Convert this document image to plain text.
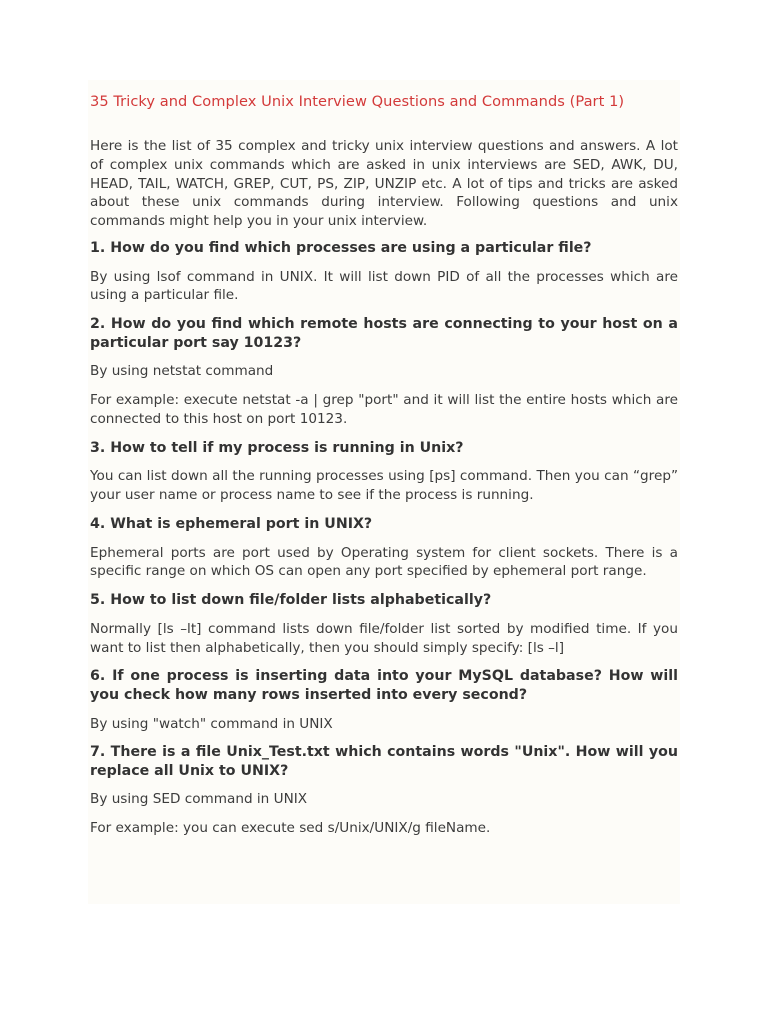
35 Tricky and Complex Unix Interview Questions and Commands (Part 1)

Here is the list of 35 complex and tricky unix interview questions and answers. A lot of complex unix commands which are asked in unix interviews are SED, AWK, DU, HEAD, TAIL, WATCH, GREP, CUT, PS, ZIP, UNZIP etc. A lot of tips and tricks are asked about these unix commands during interview. Following questions and unix commands might help you in your unix interview.

1. How do you find which processes are using a particular file?

By using lsof command in UNIX. It will list down PID of all the processes which are using a particular file.

2. How do you find which remote hosts are connecting to your host on a particular port say 10123?

By using netstat command

For example: execute netstat -a | grep "port" and it will list the entire hosts which are connected to this host on port 10123.

3. How to tell if my process is running in Unix?

You can list down all the running processes using [ps] command. Then you can “grep” your user name or process name to see if the process is running.

4. What is ephemeral port in UNIX?

Ephemeral ports are port used by Operating system for client sockets. There is a specific range on which OS can open any port specified by ephemeral port range.

5. How to list down file/folder lists alphabetically?

Normally [ls –lt] command lists down file/folder list sorted by modified time. If you want to list then alphabetically, then you should simply specify: [ls –l]

6. If one process is inserting data into your MySQL database? How will you check how many rows inserted into every second?

By using "watch" command in UNIX

7. There is a file Unix_Test.txt which contains words "Unix". How will you replace all Unix to UNIX?

By using SED command in UNIX

For example: you can execute sed s/Unix/UNIX/g fileName.
